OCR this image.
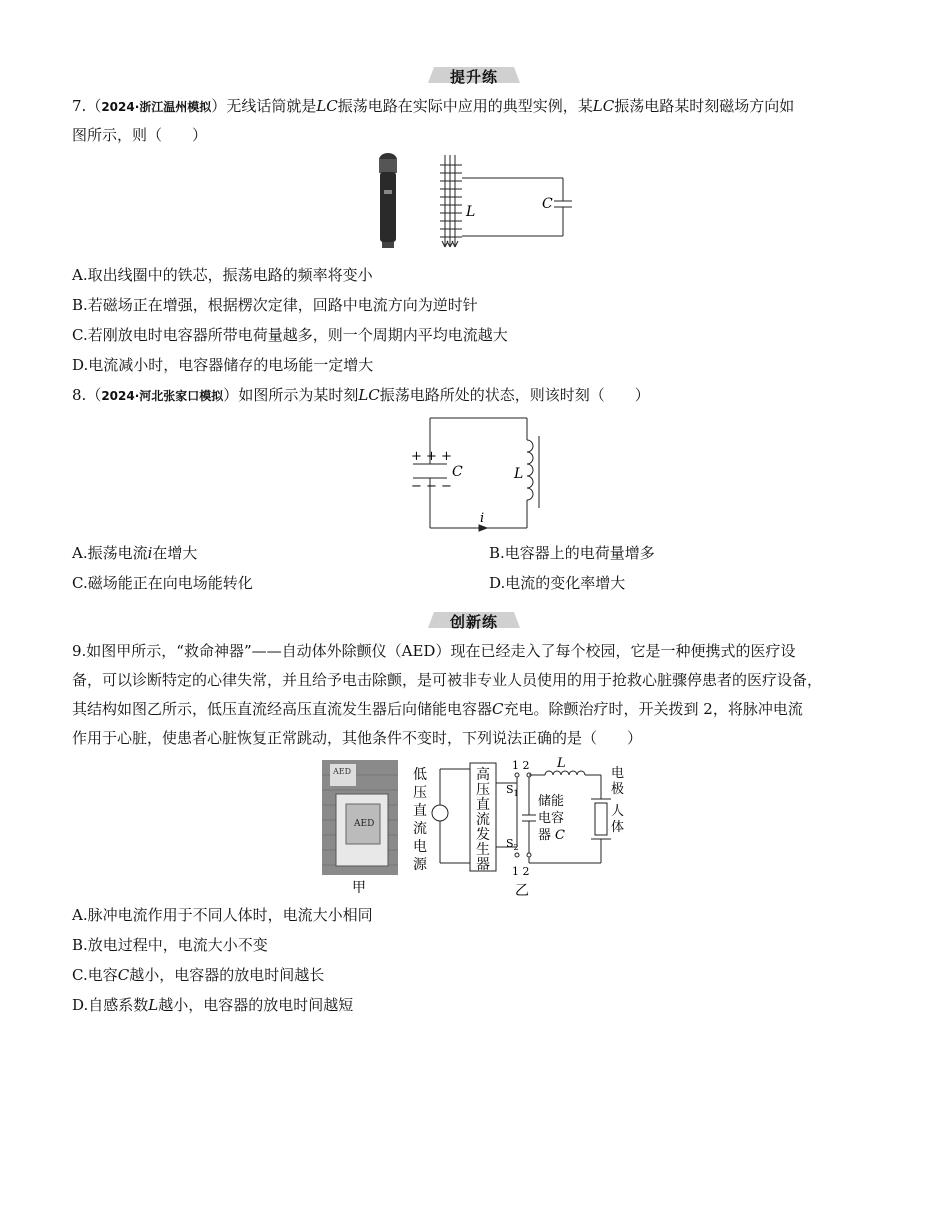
提升练
7.（2024·浙江温州模拟）无线话筒就是LC振荡电路在实际中应用的典型实例，某LC振荡电路某时刻磁场方向如
图所示，则（　　）
L	C
A.取出线圈中的铁芯，振荡电路的频率将变小
B.若磁场正在增强，根据楞次定律，回路中电流方向为逆时针
C.若刚放电时电容器所带电荷量越多，则一个周期内平均电流越大
D.电流减小时，电容器储存的电场能一定增大
8.（2024·河北张家口模拟）如图所示为某时刻LC振荡电路所处的状态，则该时刻（　　）
+ + +
− − −
C	L
i
A.振荡电流i在增大	B.电容器上的电荷量增多
C.磁场能正在向电场能转化	D.电流的变化率增大
创新练
9.如图甲所示，“救命神器”——自动体外除颤仪（AED）现在已经走入了每个校园，它是一种便携式的医疗设
备，可以诊断特定的心律失常，并且给予电击除颤，是可被非专业人员使用的用于抢救心脏骤停患者的医疗设备，
其结构如图乙所示，低压直流经高压直流发生器后向储能电容器C充电。除颤治疗时，开关拨到 2，将脉冲电流
作用于心脏，使患者心脏恢复正常跳动，其他条件不变时，下列说法正确的是（　　）
AED
AED
甲
低
压
直
流
电
源
高
压
直
流
发
生
器
1 2
$S_1$
$S_2$
1 2
储能
电容
器 C
L
电
极
人
体
乙
A.脉冲电流作用于不同人体时，电流大小相同
B.放电过程中，电流大小不变
C.电容C越小，电容器的放电时间越长
D.自感系数L越小，电容器的放电时间越短
